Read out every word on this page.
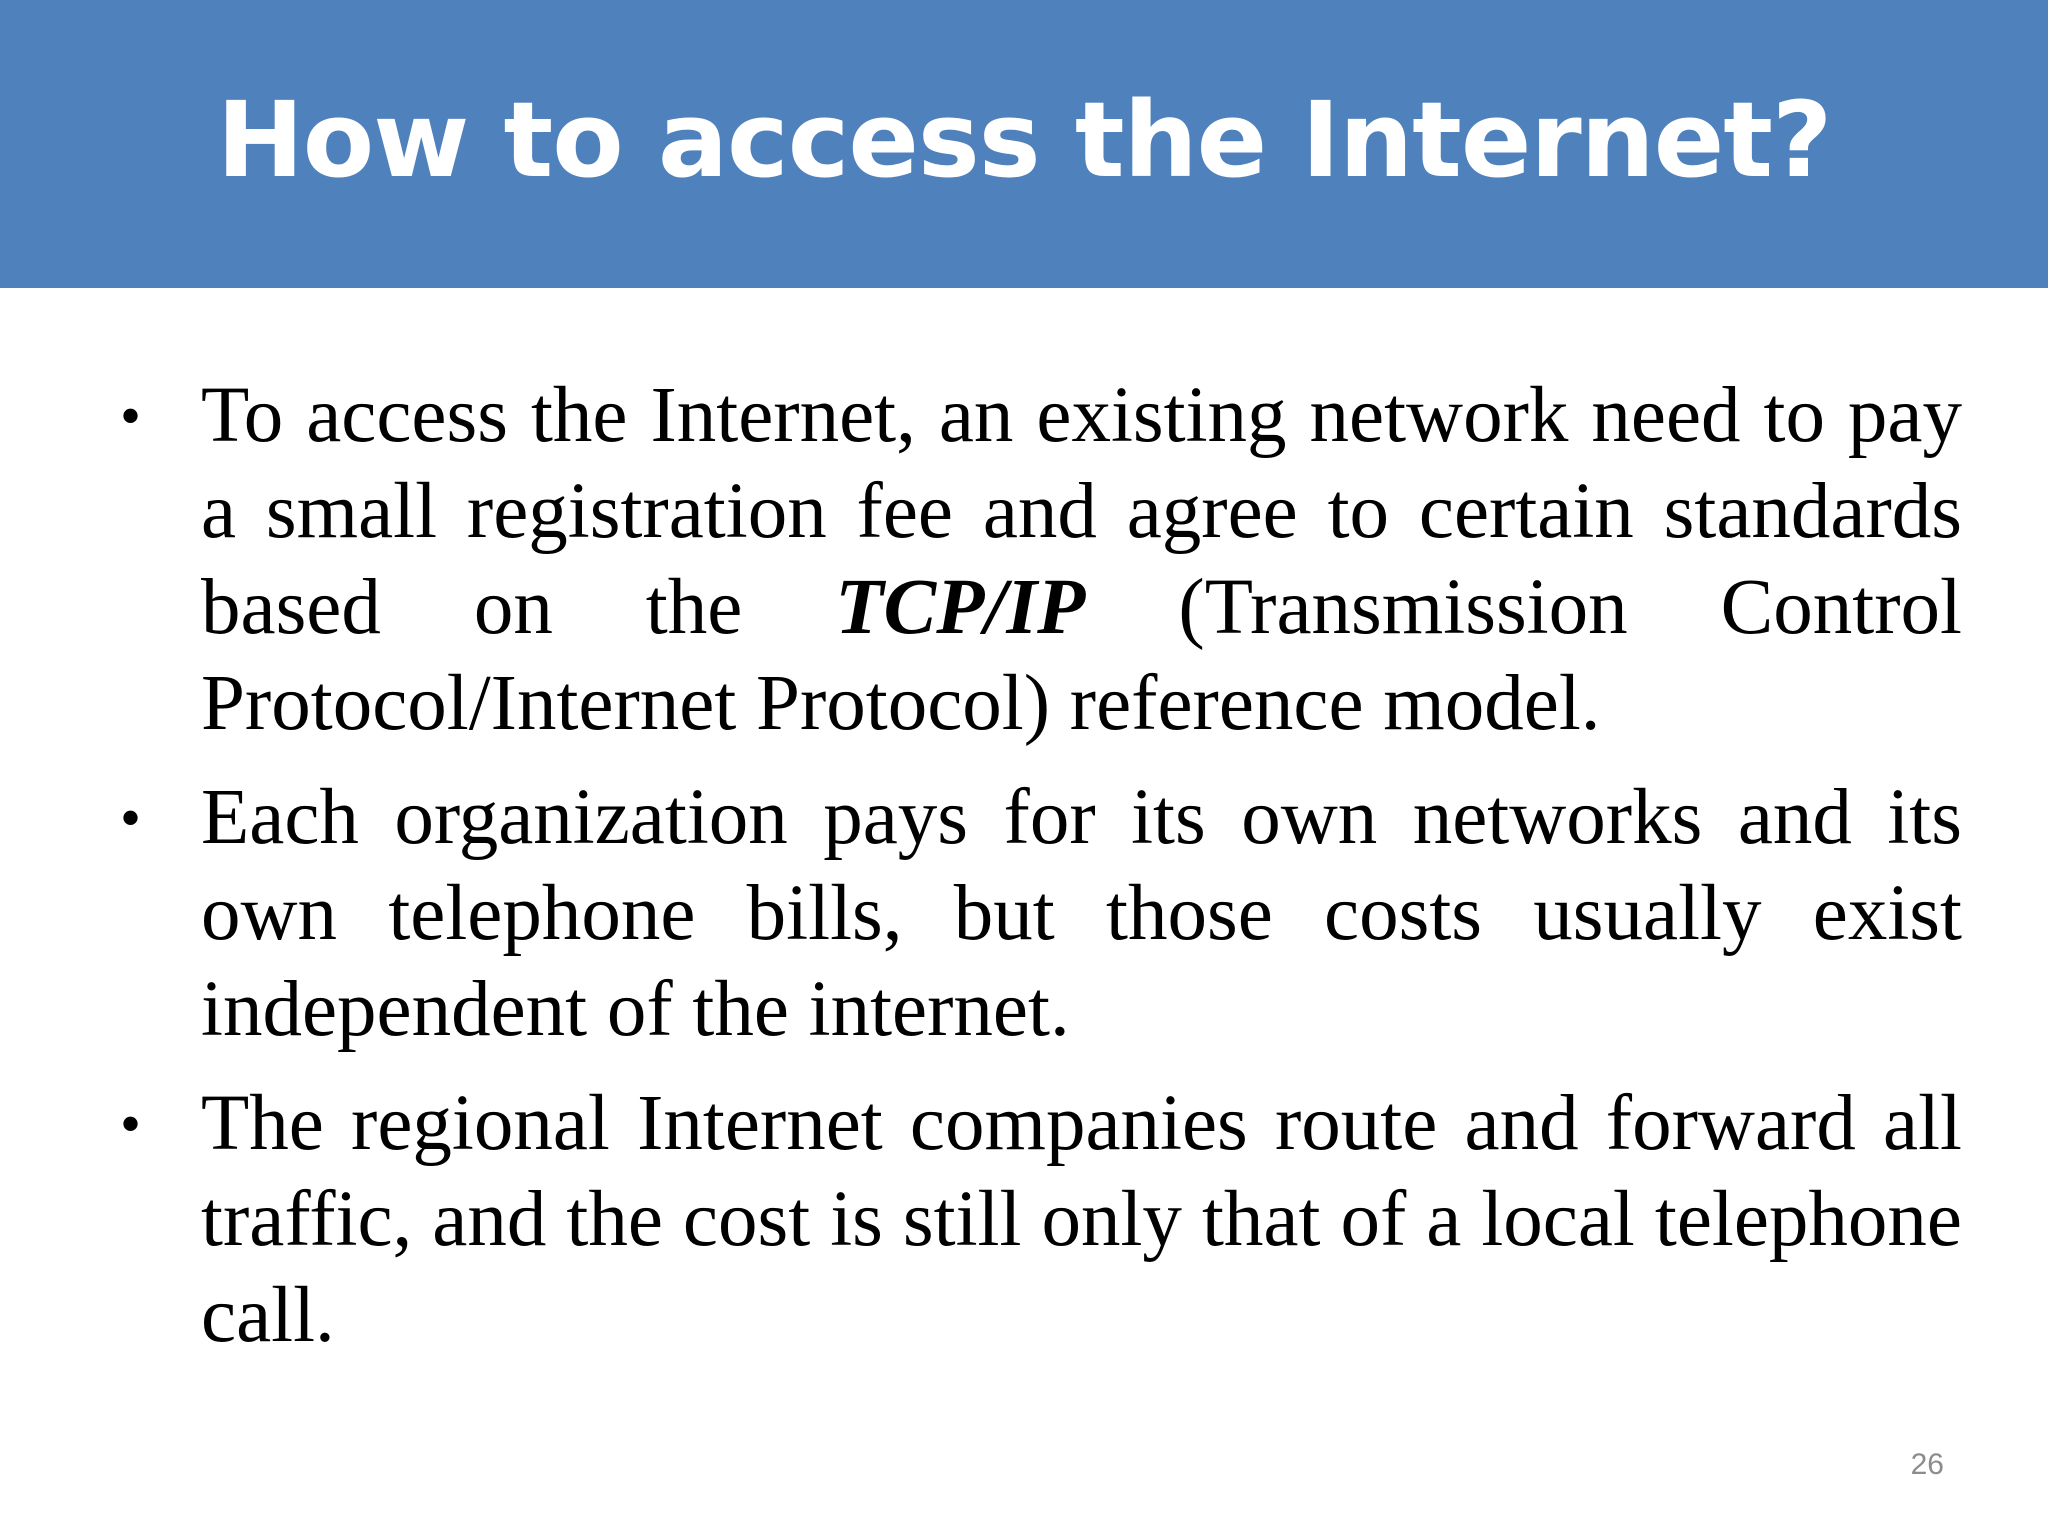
How to access the Internet?
• To access the Internet, an existing network need to pay a small registration fee and agree to certain standards based on the TCP/IP (Transmission Control Protocol/Internet Protocol) reference model.
• Each organization pays for its own networks and its own telephone bills, but those costs usually exist independent of the internet.
• The regional Internet companies route and forward all traffic, and the cost is still only that of a local telephone call.
26
